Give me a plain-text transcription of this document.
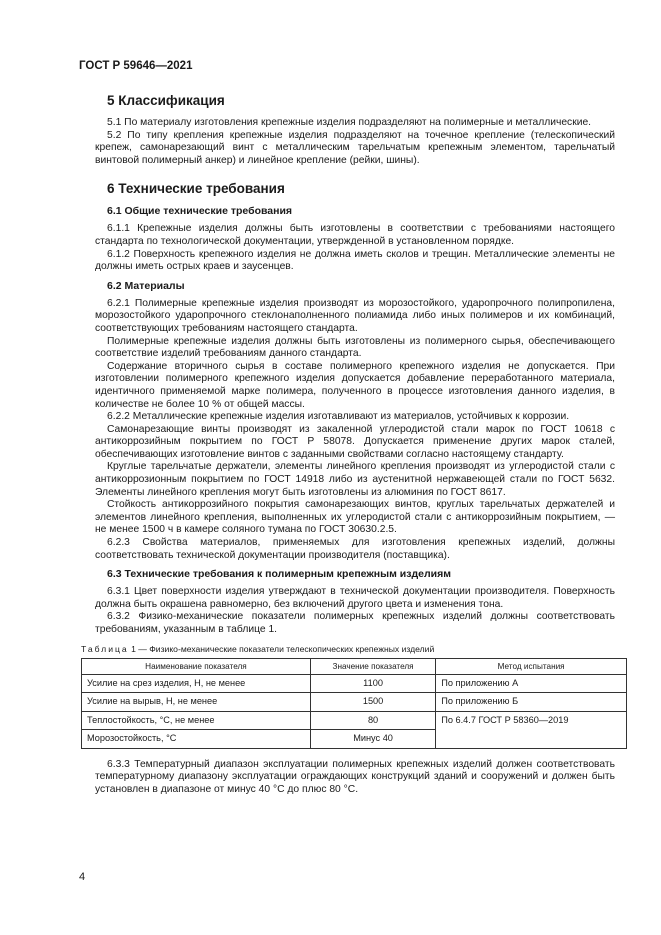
ГОСТ Р 59646—2021
5 Классификация

5.1 По материалу изготовления крепежные изделия подразделяют на полимерные и металлические.

5.2 По типу крепления крепежные изделия подразделяют на точечное крепление (телескопический крепеж, самонарезающий винт с металлическим тарельчатым крепежным элементом, тарельчатый винтовой полимерный анкер) и линейное крепление (рейки, шины).

6 Технические требования
6.1 Общие технические требования

6.1.1 Крепежные изделия должны быть изготовлены в соответствии с требованиями настоящего стандарта по технологической документации, утвержденной в установленном порядке.

6.1.2 Поверхность крепежного изделия не должна иметь сколов и трещин. Металлические элементы не должны иметь острых краев и заусенцев.

6.2 Материалы

6.2.1 Полимерные крепежные изделия производят из морозостойкого, ударопрочного полипропилена, морозостойкого ударопрочного стеклонаполненного полиамида либо иных полимеров и их комбинаций, соответствующих требованиям настоящего стандарта.

Полимерные крепежные изделия должны быть изготовлены из полимерного сырья, обеспечивающего соответствие изделий требованиям данного стандарта.

Содержание вторичного сырья в составе полимерного крепежного изделия не допускается. При изготовлении полимерного крепежного изделия допускается добавление переработанного материала, идентичного применяемой марке полимера, полученного в процессе изготовления данного изделия, в количестве не более 10 % от общей массы.

6.2.2 Металлические крепежные изделия изготавливают из материалов, устойчивых к коррозии.

Самонарезающие винты производят из закаленной углеродистой стали марок по ГОСТ 10618 с антикоррозийным покрытием по ГОСТ Р 58078. Допускается применение других марок сталей, обеспечивающих изготовление винтов с заданными свойствами согласно настоящему стандарту.

Круглые тарельчатые держатели, элементы линейного крепления производят из углеродистой стали с антикоррозионным покрытием по ГОСТ 14918 либо из аустенитной нержавеющей стали по ГОСТ 5632. Элементы линейного крепления могут быть изготовлены из алюминия по ГОСТ 8617.

Стойкость антикоррозийного покрытия самонарезающих винтов, круглых тарельчатых держателей и элементов линейного крепления, выполненных их углеродистой стали с антикоррозийным покрытием, — не менее 1500 ч в камере соляного тумана по ГОСТ 30630.2.5.

6.2.3 Свойства материалов, применяемых для изготовления крепежных изделий, должны соответствовать технической документации производителя (поставщика).

6.3 Технические требования к полимерным крепежным изделиям

6.3.1 Цвет поверхности изделия утверждают в технической документации производителя. Поверхность должна быть окрашена равномерно, без включений другого цвета и изменения тона.

6.3.2 Физико-механические показатели полимерных крепежных изделий должны соответствовать требованиям, указанным в таблице 1.

Таблица 1 — Физико-механические показатели телескопических крепежных изделий
Наименование показателя	Значение показателя	Метод испытания
Усилие на срез изделия, Н, не менее	1100	По приложению А
Усилие на вырыв, Н, не менее	1500	По приложению Б
Теплостойкость, °С, не менее	80	По 6.4.7 ГОСТ Р 58360—2019
Морозостойкость, °С	Минус 40	

6.3.3 Температурный диапазон эксплуатации полимерных крепежных изделий должен соответствовать температурному диапазону эксплуатации ограждающих конструкций зданий и сооружений и должен быть установлен в диапазоне от минус 40 °С до плюс 80 °С.

4
